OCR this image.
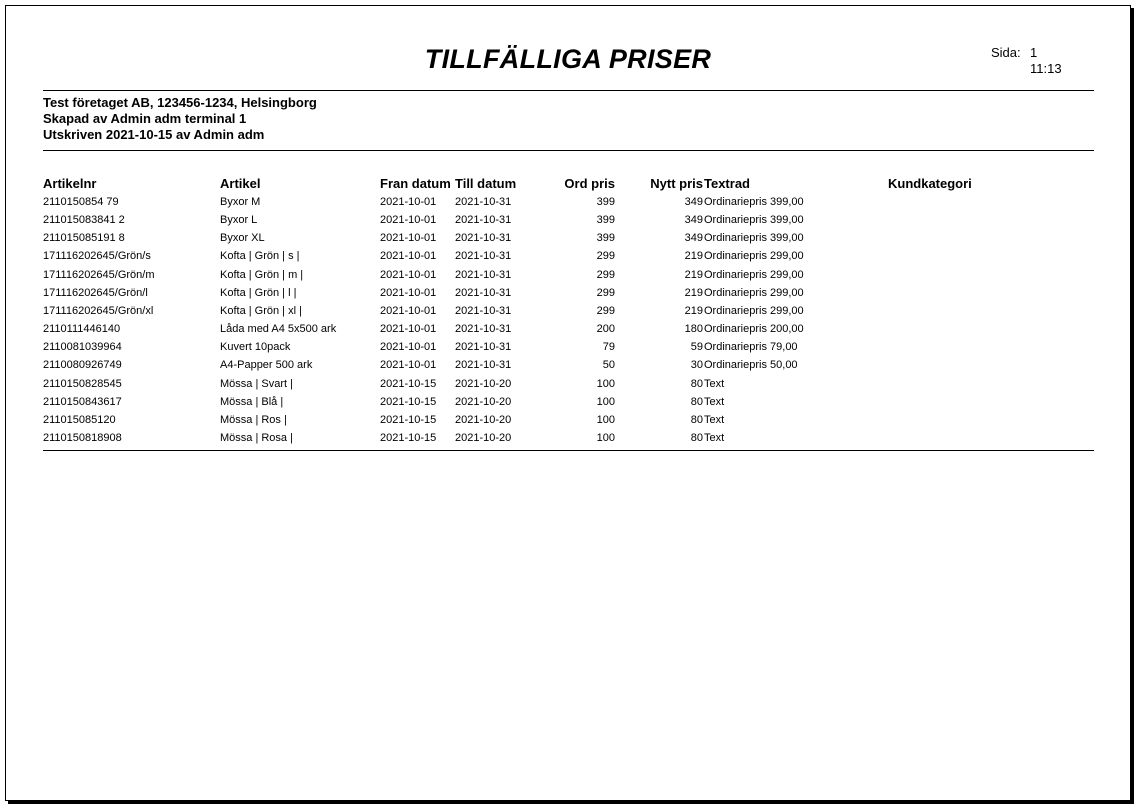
TILLFÄLLIGA PRISER	Sida: 1
11:13
Test företaget AB, 123456-1234, Helsingborg
Skapad av Admin adm terminal 1
Utskriven 2021-10-15 av Admin adm
Artikelnr	Artikel	Fran datum Till datum	Ord pris	Nytt pris Textrad	Kundkategori
2110150854 79	Byxor M	2021-10-01 2021-10-31	399	349 Ordinariepris 399,00
211015083841 2	Byxor L	2021-10-01 2021-10-31	399	349 Ordinariepris 399,00
211015085191 8	Byxor XL	2021-10-01 2021-10-31	399	349 Ordinariepris 399,00
171116202645/Grön/s	Kofta | Grön | s |	2021-10-01 2021-10-31	299	219 Ordinariepris 299,00
171116202645/Grön/m	Kofta | Grön | m |	2021-10-01 2021-10-31	299	219 Ordinariepris 299,00
171116202645/Grön/l	Kofta | Grön | l |	2021-10-01 2021-10-31	299	219 Ordinariepris 299,00
171116202645/Grön/xl	Kofta | Grön | xl |	2021-10-01 2021-10-31	299	219 Ordinariepris 299,00
2110111446140	Låda med A4 5x500 ark	2021-10-01 2021-10-31	200	180 Ordinariepris 200,00
2110081039964	Kuvert 10pack	2021-10-01 2021-10-31	79	59 Ordinariepris 79,00
2110080926749	A4-Papper 500 ark	2021-10-01 2021-10-31	50	30 Ordinariepris 50,00
2110150828545	Mössa | Svart |	2021-10-15 2021-10-20	100	80 Text
2110150843617	Mössa | Blå |	2021-10-15 2021-10-20	100	80 Text
211015085120	Mössa | Ros |	2021-10-15 2021-10-20	100	80 Text
2110150818908	Mössa | Rosa |	2021-10-15 2021-10-20	100	80 Text
